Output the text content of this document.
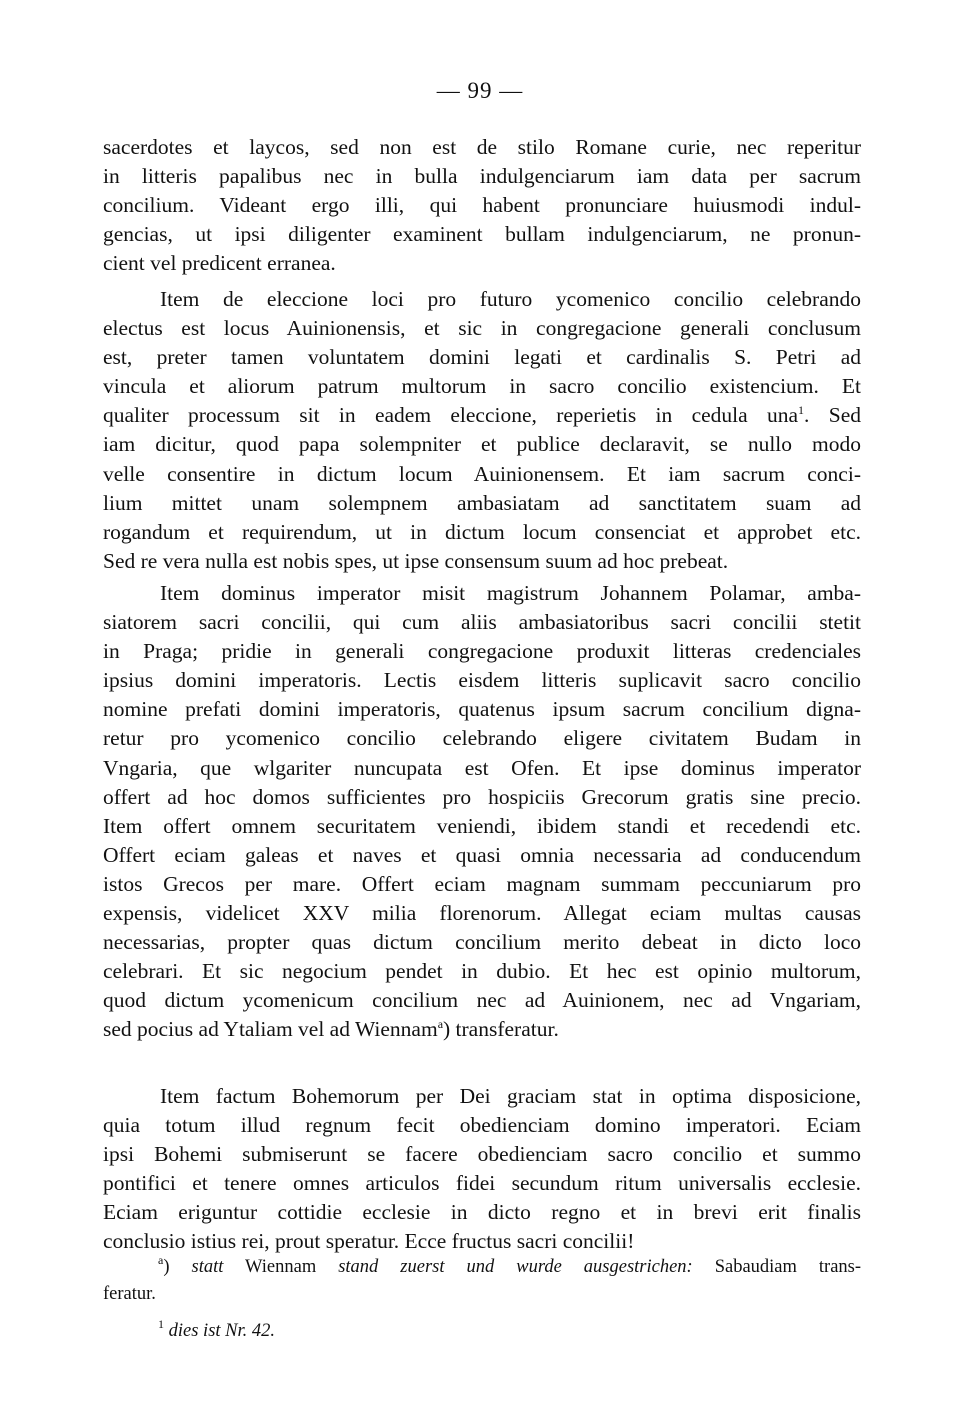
— 99 —
sacerdotes et laycos, sed non est de stilo Romane curie, nec reperitur
in litteris papalibus nec in bulla indulgenciarum iam data per sacrum
concilium. Videant ergo illi, qui habent pronunciare huiusmodi indul-
gencias, ut ipsi diligenter examinent bullam indulgenciarum, ne pronun-
cient vel predicent erranea.
Item de eleccione loci pro futuro ycomenico concilio celebrando
electus est locus Auinionensis, et sic in congregacione generali conclusum
est, preter tamen voluntatem domini legati et cardinalis S. Petri ad
vincula et aliorum patrum multorum in sacro concilio existencium. Et
qualiter processum sit in eadem eleccione, reperietis in cedula una$^1$. Sed
iam dicitur, quod papa solempniter et publice declaravit, se nullo modo
velle consentire in dictum locum Auinionensem. Et iam sacrum conci-
lium mittet unam solempnem ambasiatam ad sanctitatem suam ad
rogandum et requirendum, ut in dictum locum consenciat et approbet etc.
Sed re vera nulla est nobis spes, ut ipse consensum suum ad hoc prebeat.
Item dominus imperator misit magistrum Johannem Polamar, amba-
siatorem sacri concilii, qui cum aliis ambasiatoribus sacri concilii stetit
in Praga; pridie in generali congregacione produxit litteras credenciales
ipsius domini imperatoris. Lectis eisdem litteris suplicavit sacro concilio
nomine prefati domini imperatoris, quatenus ipsum sacrum concilium digna-
retur pro ycomenico concilio celebrando eligere civitatem Budam in
Vngaria, que wlgariter nuncupata est Ofen. Et ipse dominus imperator
offert ad hoc domos sufficientes pro hospiciis Grecorum gratis sine precio.
Item offert omnem securitatem veniendi, ibidem standi et recedendi etc.
Offert eciam galeas et naves et quasi omnia necessaria ad conducendum
istos Grecos per mare. Offert eciam magnam summam peccuniarum pro
expensis, videlicet XXV milia florenorum. Allegat eciam multas causas
necessarias, propter quas dictum concilium merito debeat in dicto loco
celebrari. Et sic negocium pendet in dubio. Et hec est opinio multorum,
quod dictum ycomenicum concilium nec ad Auinionem, nec ad Vngariam,
sed pocius ad Ytaliam vel ad Wiennam$^a$) transferatur.
Item factum Bohemorum per Dei graciam stat in optima disposicione,
quia totum illud regnum fecit obedienciam domino imperatori. Eciam
ipsi Bohemi submiserunt se facere obedienciam sacro concilio et summo
pontifici et tenere omnes articulos fidei secundum ritum universalis ecclesie.
Eciam eriguntur cottidie ecclesie in dicto regno et in brevi erit finalis
conclusio istius rei, prout speratur. Ecce fructus sacri concilii!
$^a$) statt Wiennam stand zuerst und wurde ausgestrichen: Sabaudiam trans-
feratur.
$^1$ dies ist Nr. 42.
